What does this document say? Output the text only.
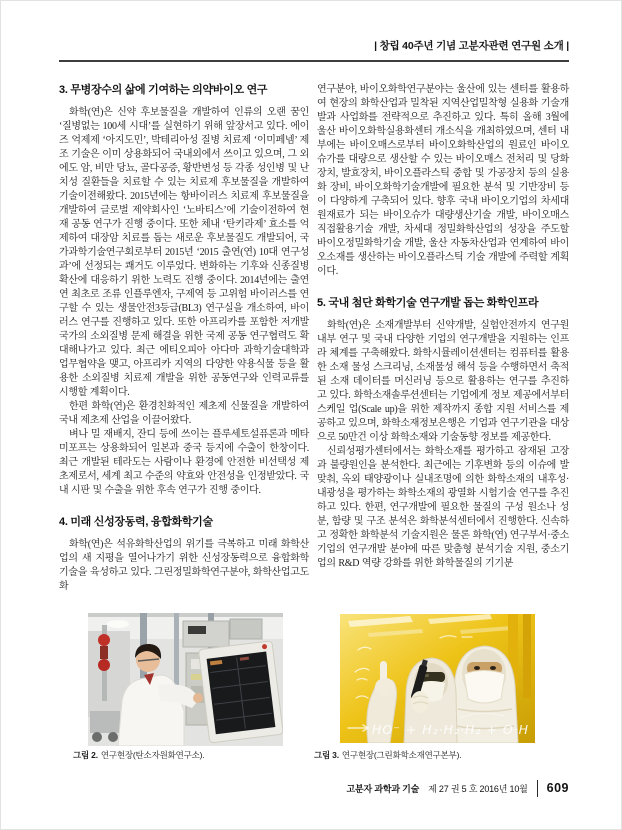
| 창립 40주년 기념 고분자관련 연구원 소개 |
3. 무병장수의 삶에 기여하는 의약바이오 연구

화학(연)은 신약 후보물질을 개발하여 인류의 오랜 꿈인 ‘질병없는 100세 시대’를 실현하기 위해 앞장서고 있다. 에이즈 억제제 ‘아지도민’, 박테리아성 질병 치료제 ‘이미페넴’ 제조 기술은 이미 상용화되어 국내외에서 쓰이고 있으며, 그 외에도 암, 비만 당뇨, 골다공증, 황반변성 등 각종 성인병 및 난치성 질환들을 치료할 수 있는 치료제 후보물질을 개발하여 기술이전해왔다. 2015년에는 항바이러스 치료제 후보물질을 개발하여 글로벌 제약회사인 ‘노바티스’에 기술이전하여 현재 공동 연구가 진행 중이다. 또한 체내 ‘탄키라제’ 효소를 억제하여 대장암 치료를 돕는 새로운 후보물질도 개발되어, 국가과학기술연구회로부터 2015년 ‘2015 출연(연) 10대 연구성과’에 선정되는 쾌거도 이루었다. 변화하는 기후와 신종질병 확산에 대응하기 위한 노력도 진행 중이다. 2014년에는 출연연 최초로 조류 인플루엔자, 구제역 등 고위험 바이러스를 연구할 수 있는 생물안전3등급(BL3) 연구실을 개소하여, 바이러스 연구를 진행하고 있다. 또한 아프리카를 포함한 저개발국가의 소외질병 문제 해결을 위한 국제 공동 연구협력도 확대해나가고 있다. 최근 에티오피아 아다마 과학기술대학과 업무협약을 맺고, 아프리카 지역의 다양한 약용식물 등을 활용한 소외질병 치료제 개발을 위한 공동연구와 인력교류를 시행할 계획이다.

한편 화학(연)은 환경친화적인 제초제 신물질을 개발하여 국내 제초제 산업을 이끌어왔다.

벼나 밀 재배지, 잔디 등에 쓰이는 플루세토설퓨론과 메타미포프는 상용화되어 일본과 중국 등지에 수출이 한창이다. 최근 개발된 테라도는 사람이나 환경에 안전한 비선택성 제초제로서, 세계 최고 수준의 약효와 안전성을 인정받았다. 국내 시판 및 수출을 위한 후속 연구가 진행 중이다.

4. 미래 신성장동력, 융합화학기술

화학(연)은 석유화학산업의 위기를 극복하고 미래 화학산업의 새 지평을 열어나가기 위한 신성장동력으로 융합화학기술을 육성하고 있다. 그린정밀화학연구분야, 화학산업고도화

연구분야, 바이오화학연구분야는 울산에 있는 센터를 활용하여 현장의 화학산업과 밀착된 지역산업밀착형 실용화 기술개발과 사업화를 전략적으로 추진하고 있다. 특히 올해 3월에 울산 바이오화학실용화센터 개소식을 개최하였으며, 센터 내부에는 바이오매스로부터 바이오화학산업의 원료인 바이오슈가를 대량으로 생산할 수 있는 바이오매스 전처리 및 당화장치, 발효장치, 바이오플라스틱 중합 및 가공장치 등의 실용화 장비, 바이오화학기술개발에 필요한 분석 및 기반장비 등이 다양하게 구축되어 있다. 향후 국내 바이오기업의 차세대 원재료가 되는 바이오슈가 대량생산기술 개발, 바이오매스 직접활용기술 개발, 차세대 정밀화학산업의 성장을 주도할 바이오정밀화학기술 개발, 울산 자동차산업과 연계하여 바이오소재를 생산하는 바이오플라스틱 기술 개발에 주력할 계획이다.

5. 국내 첨단 화학기술 연구개발 돕는 화학인프라

화학(연)은 소재개발부터 신약개발, 실험안전까지 연구원 내부 연구 및 국내 다양한 기업의 연구개발을 지원하는 인프라 체계를 구축해왔다. 화학시뮬레이션센터는 컴퓨터를 활용한 소재 물성 스크리닝, 소재물성 해석 등을 수행하면서 축적된 소재 데이터를 머신러닝 등으로 활용하는 연구를 추진하고 있다. 화학소재솔루션센터는 기업에게 정보 제공에서부터 스케일 업(Scale up)을 위한 제작까지 종합 지원 서비스를 제공하고 있으며, 화학소재정보은행은 기업과 연구기관을 대상으로 50만건 이상 화학소재와 기술동향 정보를 제공한다.

신뢰성평가센터에서는 화학소재를 평가하고 잠재된 고장과 불량원인을 분석한다. 최근에는 기후변화 등의 이슈에 발맞춰, 옥외 태양광이나 실내조명에 의한 화학소재의 내후성·내광성을 평가하는 화학소재의 광열화 시험기술 연구를 추진하고 있다. 한편, 연구개발에 필요한 물질의 구성 원소나 성분, 함량 및 구조 분석은 화학분석센터에서 진행한다. 신속하고 정확한 화학분석 기술지원은 물론 화학(연) 연구부서·중소기업의 연구개발 분야에 따른 맞춤형 분석기술 지원, 중소기업의 R&D 역량 강화를 위한 화학물질의 기기분

그림 2. 연구현장(탄소자원화연구소).
HO⁻ + H₂·H₂·H₂ + O·H
그림 3. 연구현장(그린화학소재연구본부).
고분자 과학과 기술 제 27 권 5 호 2016년 10월 609
